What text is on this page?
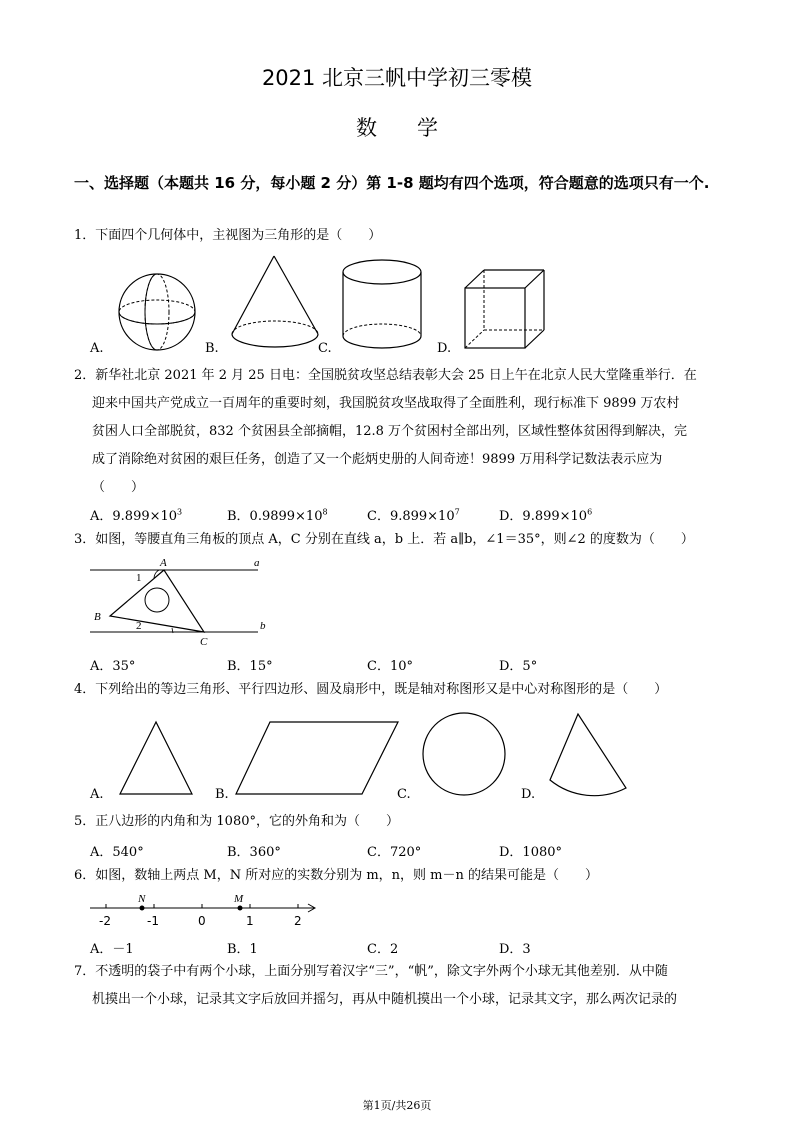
2021 北京三帆中学初三零模
数学
一、选择题（本题共 16 分，每小题 2 分）第 1-8 题均有四个选项，符合题意的选项只有一个.
1．下面四个几何体中，主视图为三角形的是（　　）
A.	B.	C.	D.
2．新华社北京 2021 年 2 月 25 日电：全国脱贫攻坚总结表彰大会 25 日上午在北京人民大堂隆重举行．在
迎来中国共产党成立一百周年的重要时刻，我国脱贫攻坚战取得了全面胜利，现行标准下 9899 万农村
贫困人口全部脱贫，832 个贫困县全部摘帽，12.8 万个贫困村全部出列，区域性整体贫困得到解决，完
成了消除绝对贫困的艰巨任务，创造了又一个彪炳史册的人间奇迹！9899 万用科学记数法表示应为
（　　）
A．$9.899\times 10^3$	B．$0.9899\times 10^8$	C．$9.899\times 10^7$	D．$9.899\times 10^6$
3．如图，等腰直角三角板的顶点 A，C 分别在直线 a，b 上．若 a∥b，∠1＝35°，则∠2 的度数为（　　）
A
B
C
a
b
1
2
A．35°	B．15°	C．10°	D．5°
4．下列给出的等边三角形、平行四边形、圆及扇形中，既是轴对称图形又是中心对称图形的是（　　）
A.	B.	C.	D.
5．正八边形的内角和为 1080°，它的外角和为（　　）
A．540°	B．360°	C．720°	D．1080°
6．如图，数轴上两点 M，N 所对应的实数分别为 m，n，则 m－n 的结果可能是（　　）
N	M
-2	-1	0	1	2
A．－1	B．1	C．2	D．3
7．不透明的袋子中有两个小球，上面分别写着汉字“三”，“帆”，除文字外两个小球无其他差别．从中随
机摸出一个小球，记录其文字后放回并摇匀，再从中随机摸出一个小球，记录其文字，那么两次记录的
第1页/共26页
